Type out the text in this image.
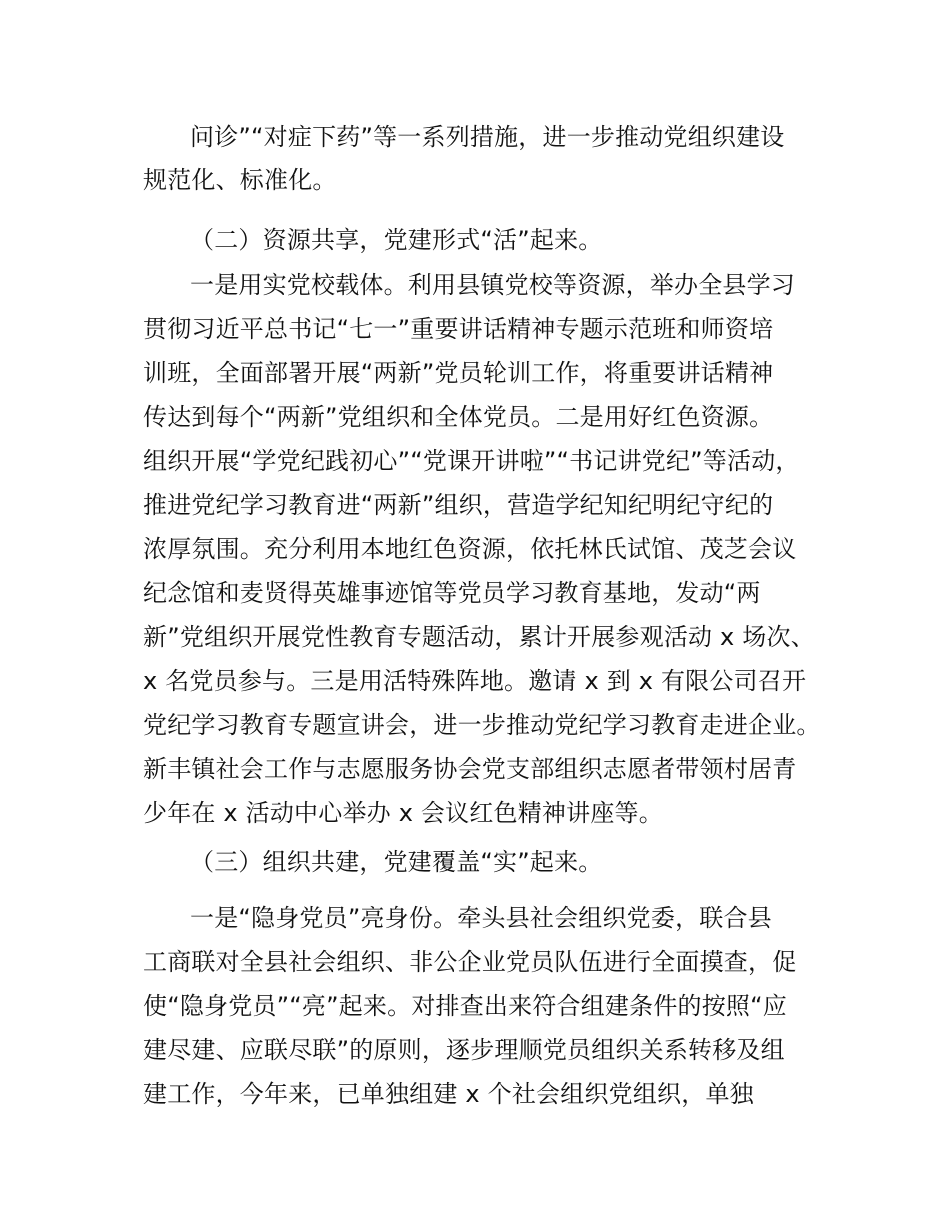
问诊”“对症下药”等一系列措施，进一步推动党组织建设
规范化、标准化。
（二）资源共享，党建形式“活”起来。
一是用实党校载体。利用县镇党校等资源，举办全县学习
贯彻习近平总书记“七一”重要讲话精神专题示范班和师资培
训班，全面部署开展“两新”党员轮训工作，将重要讲话精神
传达到每个“两新”党组织和全体党员。二是用好红色资源。
组织开展“学党纪践初心”“党课开讲啦”“书记讲党纪”等活动，
推进党纪学习教育进“两新”组织，营造学纪知纪明纪守纪的
浓厚氛围。充分利用本地红色资源，依托林氏试馆、茂芝会议
纪念馆和麦贤得英雄事迹馆等党员学习教育基地，发动“两
新”党组织开展党性教育专题活动，累计开展参观活动 x 场次、
x 名党员参与。三是用活特殊阵地。邀请 x 到 x 有限公司召开
党纪学习教育专题宣讲会，进一步推动党纪学习教育走进企业。
新丰镇社会工作与志愿服务协会党支部组织志愿者带领村居青
少年在 x 活动中心举办 x 会议红色精神讲座等。
（三）组织共建，党建覆盖“实”起来。
一是“隐身党员”亮身份。牵头县社会组织党委，联合县
工商联对全县社会组织、非公企业党员队伍进行全面摸查，促
使“隐身党员”“亮”起来。对排查出来符合组建条件的按照“应
建尽建、应联尽联”的原则，逐步理顺党员组织关系转移及组
建工作，今年来，已单独组建 x 个社会组织党组织，单独
